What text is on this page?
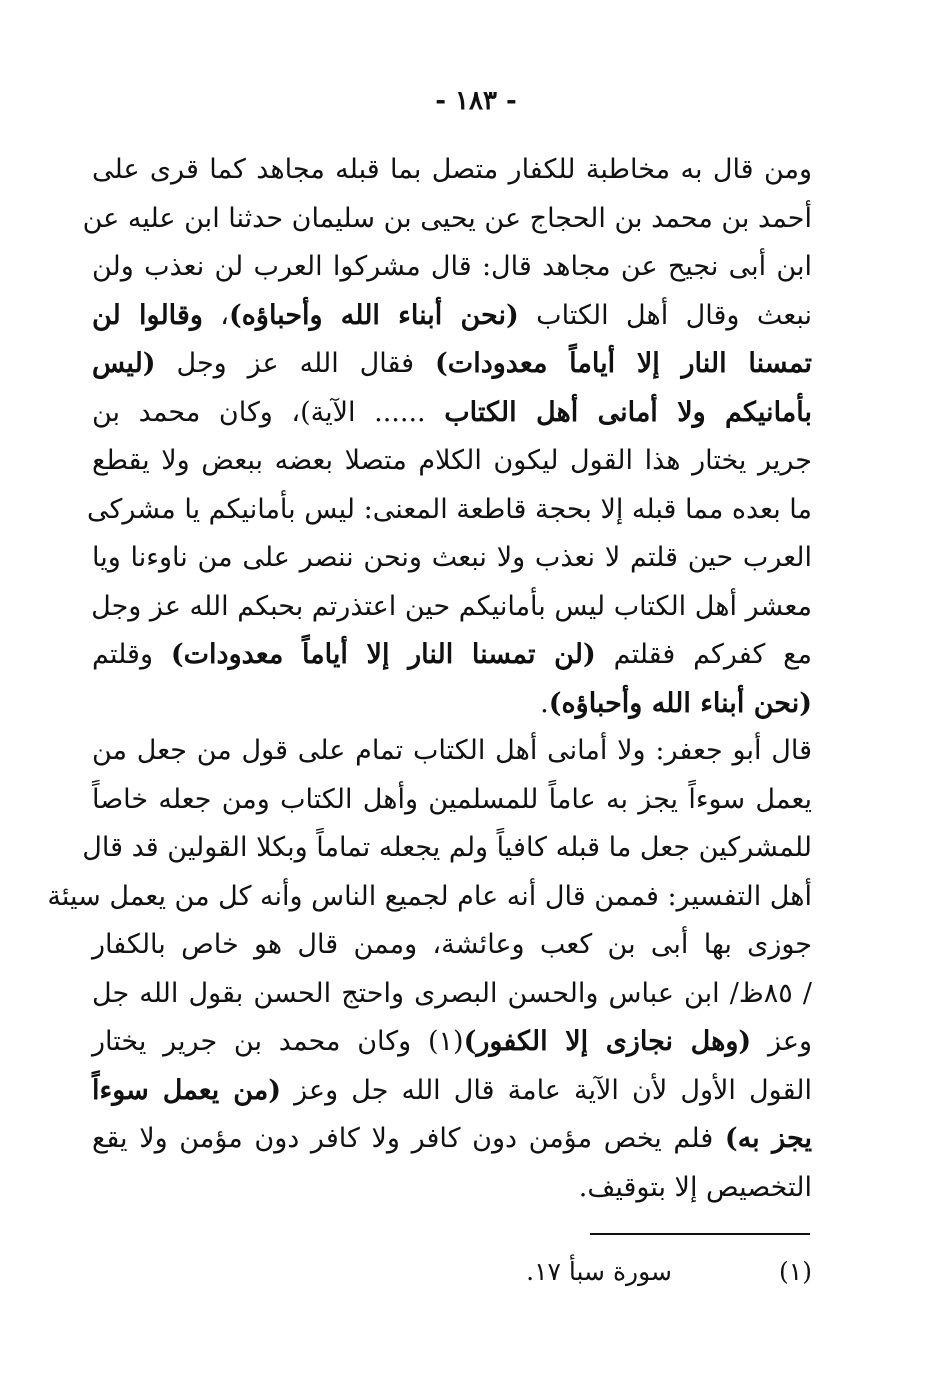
- ١٨٣ -
ومن قال به مخاطبة للكفار متصل بما قبله مجاهد كما قرى على
أحمد بن محمد بن الحجاج عن يحيى بن سليمان حدثنا ابن عليه عن
ابن أبى نجيح عن مجاهد قال: قال مشركوا العرب لن نعذب ولن
نبعث وقال أهل الكتاب (نحن أبناء الله وأحباؤه)، وقالوا لن
تمسنا النار إلا أياماً معدودات) فقال الله عز وجل (ليس
بأمانيكم ولا أمانى أهل الكتاب ...... الآية)، وكان محمد بن
جرير يختار هذا القول ليكون الكلام متصلا بعضه ببعض ولا يقطع
ما بعده مما قبله إلا بحجة قاطعة المعنى: ليس بأمانيكم يا مشركى
العرب حين قلتم لا نعذب ولا نبعث ونحن ننصر على من ناوءنا ويا
معشر أهل الكتاب ليس بأمانيكم حين اعتذرتم بحبكم الله عز وجل
مع كفركم فقلتم (لن تمسنا النار إلا أياماً معدودات) وقلتم
(نحن أبناء الله وأحباؤه).
قال أبو جعفر: ولا أمانى أهل الكتاب تمام على قول من جعل من
يعمل سوءاً يجز به عاماً للمسلمين وأهل الكتاب ومن جعله خاصاً
للمشركين جعل ما قبله كافياً ولم يجعله تماماً وبكلا القولين قد قال
أهل التفسير: فممن قال أنه عام لجميع الناس وأنه كل من يعمل سيئة
جوزى بها أبى بن كعب وعائشة، وممن قال هو خاص بالكفار
/ ٨٥ظ/ ابن عباس والحسن البصرى واحتج الحسن بقول الله جل
وعز (وهل نجازى إلا الكفور)(١) وكان محمد بن جرير يختار
القول الأول لأن الآية عامة قال الله جل وعز (من يعمل سوءاً
يجز به) فلم يخص مؤمن دون كافر ولا كافر دون مؤمن ولا يقع
التخصيص إلا بتوقيف.
(١)
سورة سبأ ١٧.
